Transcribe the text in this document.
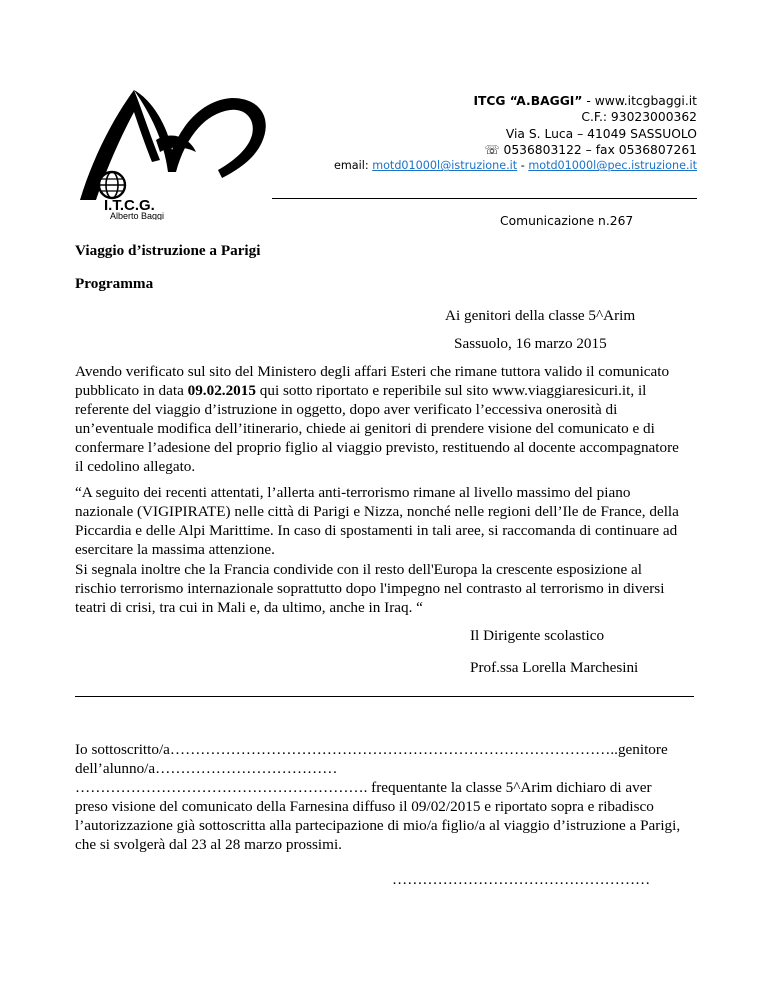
I.T.C.G.
Alberto Baggi
ITCG “A.BAGGI” - www.itcgbaggi.it
C.F.: 93023000362
Via S. Luca – 41049 SASSUOLO
☏ 0536803122 – fax 0536807261
email: motd01000l@istruzione.it - motd01000l@pec.istruzione.it
Comunicazione n.267
Viaggio d’istruzione a Parigi
Programma
Ai genitori della classe 5^Arim
Sassuolo, 16 marzo 2015
Avendo verificato sul sito del Ministero degli affari Esteri che rimane tuttora valido il comunicato
pubblicato in data 09.02.2015 qui sotto riportato e reperibile sul sito www.viaggiaresicuri.it, il
referente del viaggio d’istruzione in oggetto, dopo aver verificato l’eccessiva onerosità di
un’eventuale modifica dell’itinerario, chiede ai genitori di prendere visione del comunicato e di
confermare l’adesione del proprio figlio al viaggio previsto, restituendo al docente accompagnatore
il cedolino allegato.
“A seguito dei recenti attentati, l’allerta anti-terrorismo rimane al livello massimo del piano
nazionale (VIGIPIRATE) nelle città di Parigi e Nizza, nonché nelle regioni dell’Ile de France, della
Piccardia e delle Alpi Marittime. In caso di spostamenti in tali aree, si raccomanda di continuare ad
esercitare la massima attenzione.
Si segnala inoltre che la Francia condivide con il resto dell'Europa la crescente esposizione al
rischio terrorismo internazionale soprattutto dopo l'impegno nel contrasto al terrorismo in diversi
teatri di crisi, tra cui in Mali e, da ultimo, anche in Iraq. “
Il Dirigente scolastico
Prof.ssa Lorella Marchesini
Io sottoscritto/a……………………………………………………………………………..genitore
dell’alunno/a………………………………
…………………………………………………. frequentante la classe 5^Arim dichiaro di aver
preso visione del comunicato della Farnesina diffuso il 09/02/2015 e riportato sopra e ribadisco
l’autorizzazione già sottoscritta alla partecipazione di mio/a figlio/a al viaggio d’istruzione a Parigi,
che si svolgerà dal 23 al 28 marzo prossimi.
……………………………………………
